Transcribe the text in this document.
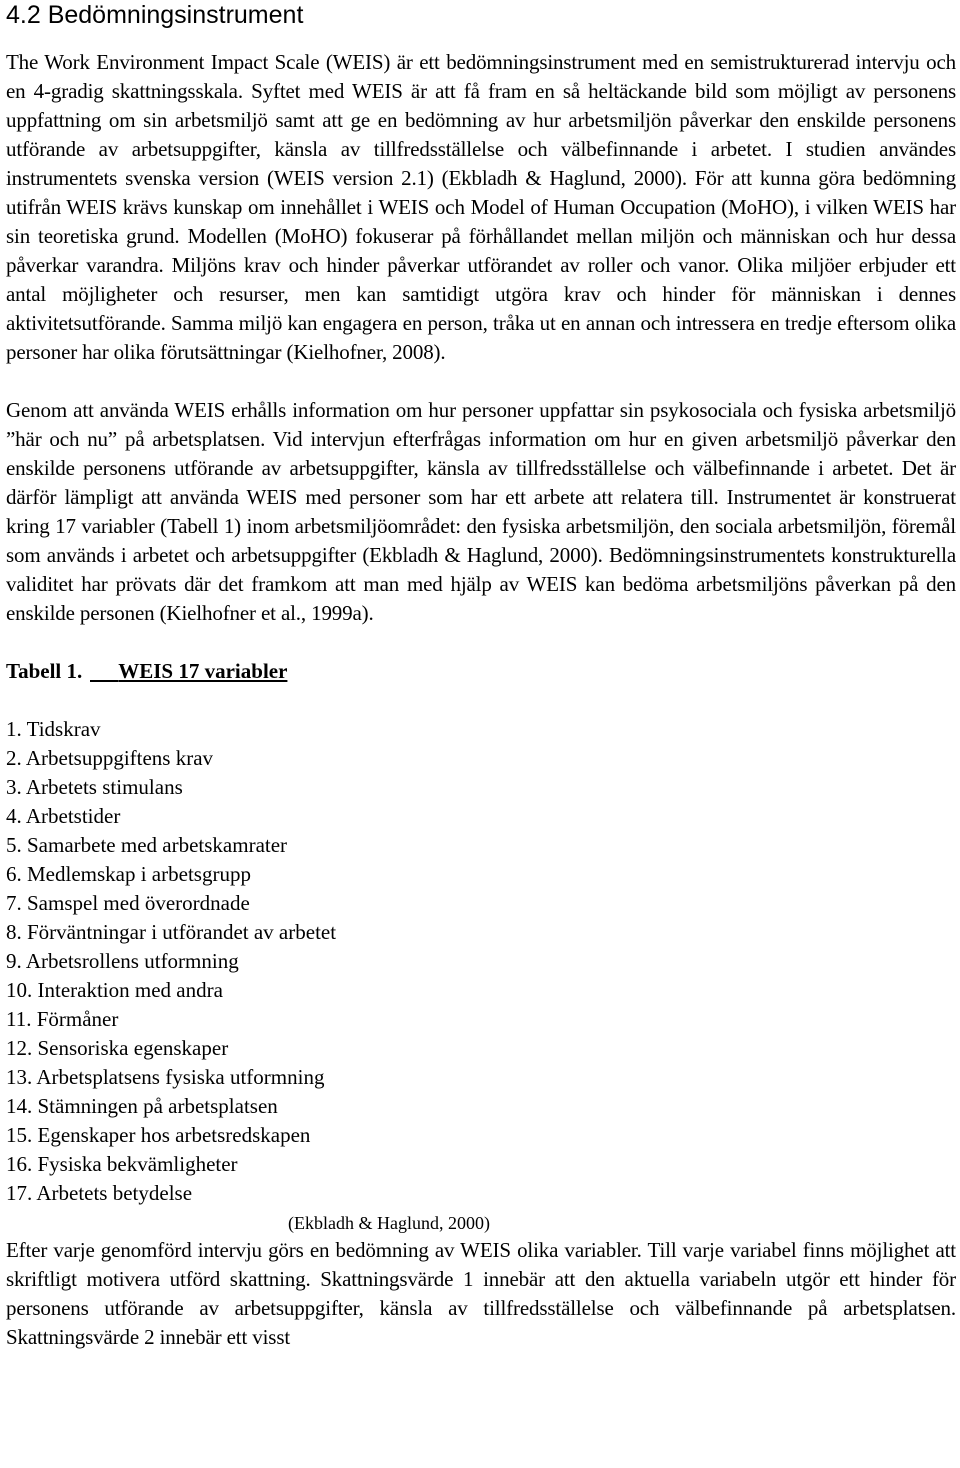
4.2 Bedömningsinstrument

The Work Environment Impact Scale (WEIS) är ett bedömningsinstrument med en semistrukturerad intervju och en 4-gradig skattningsskala. Syftet med WEIS är att få fram en så heltäckande bild som möjligt av personens uppfattning om sin arbetsmiljö samt att ge en bedömning av hur arbetsmiljön påverkar den enskilde personens utförande av arbetsuppgifter, känsla av tillfredsställelse och välbefinnande i arbetet. I studien användes instrumentets svenska version (WEIS version 2.1) (Ekbladh & Haglund, 2000). För att kunna göra bedömning utifrån WEIS krävs kunskap om innehållet i WEIS och Model of Human Occupation (MoHO), i vilken WEIS har sin teoretiska grund. Modellen (MoHO) fokuserar på förhållandet mellan miljön och människan och hur dessa påverkar varandra. Miljöns krav och hinder påverkar utförandet av roller och vanor. Olika miljöer erbjuder ett antal möjligheter och resurser, men kan samtidigt utgöra krav och hinder för människan i dennes aktivitetsutförande. Samma miljö kan engagera en person, tråka ut en annan och intressera en tredje eftersom olika personer har olika förutsättningar (Kielhofner, 2008).

Genom att använda WEIS erhålls information om hur personer uppfattar sin psykosociala och fysiska arbetsmiljö ”här och nu” på arbetsplatsen. Vid intervjun efterfrågas information om hur en given arbetsmiljö påverkar den enskilde personens utförande av arbetsuppgifter, känsla av tillfredsställelse och välbefinnande i arbetet. Det är därför lämpligt att använda WEIS med personer som har ett arbete att relatera till. Instrumentet är konstruerat kring 17 variabler (Tabell 1) inom arbetsmiljöområdet: den fysiska arbetsmiljön, den sociala arbetsmiljön, föremål som används i arbetet och arbetsuppgifter (Ekbladh & Haglund, 2000). Bedömningsinstrumentets konstrukturella validitet har prövats där det framkom att man med hjälp av WEIS kan bedöma arbetsmiljöns påverkan på den enskilde personen (Kielhofner et al., 1999a).

Tabell 1. WEIS 17 variabler
1. Tidskrav
2. Arbetsuppgiftens krav
3. Arbetets stimulans
4. Arbetstider
5. Samarbete med arbetskamrater
6. Medlemskap i arbetsgrupp
7. Samspel med överordnade
8. Förväntningar i utförandet av arbetet
9. Arbetsrollens utformning
10. Interaktion med andra
11. Förmåner
12. Sensoriska egenskaper
13. Arbetsplatsens fysiska utformning
14. Stämningen på arbetsplatsen
15. Egenskaper hos arbetsredskapen
16. Fysiska bekvämligheter
17. Arbetets betydelse
(Ekbladh & Haglund, 2000)

Efter varje genomförd intervju görs en bedömning av WEIS olika variabler. Till varje variabel finns möjlighet att skriftligt motivera utförd skattning. Skattningsvärde 1 innebär att den aktuella variabeln utgör ett hinder för personens utförande av arbetsuppgifter, känsla av tillfredsställelse och välbefinnande på arbetsplatsen. Skattningsvärde 2 innebär ett visst
